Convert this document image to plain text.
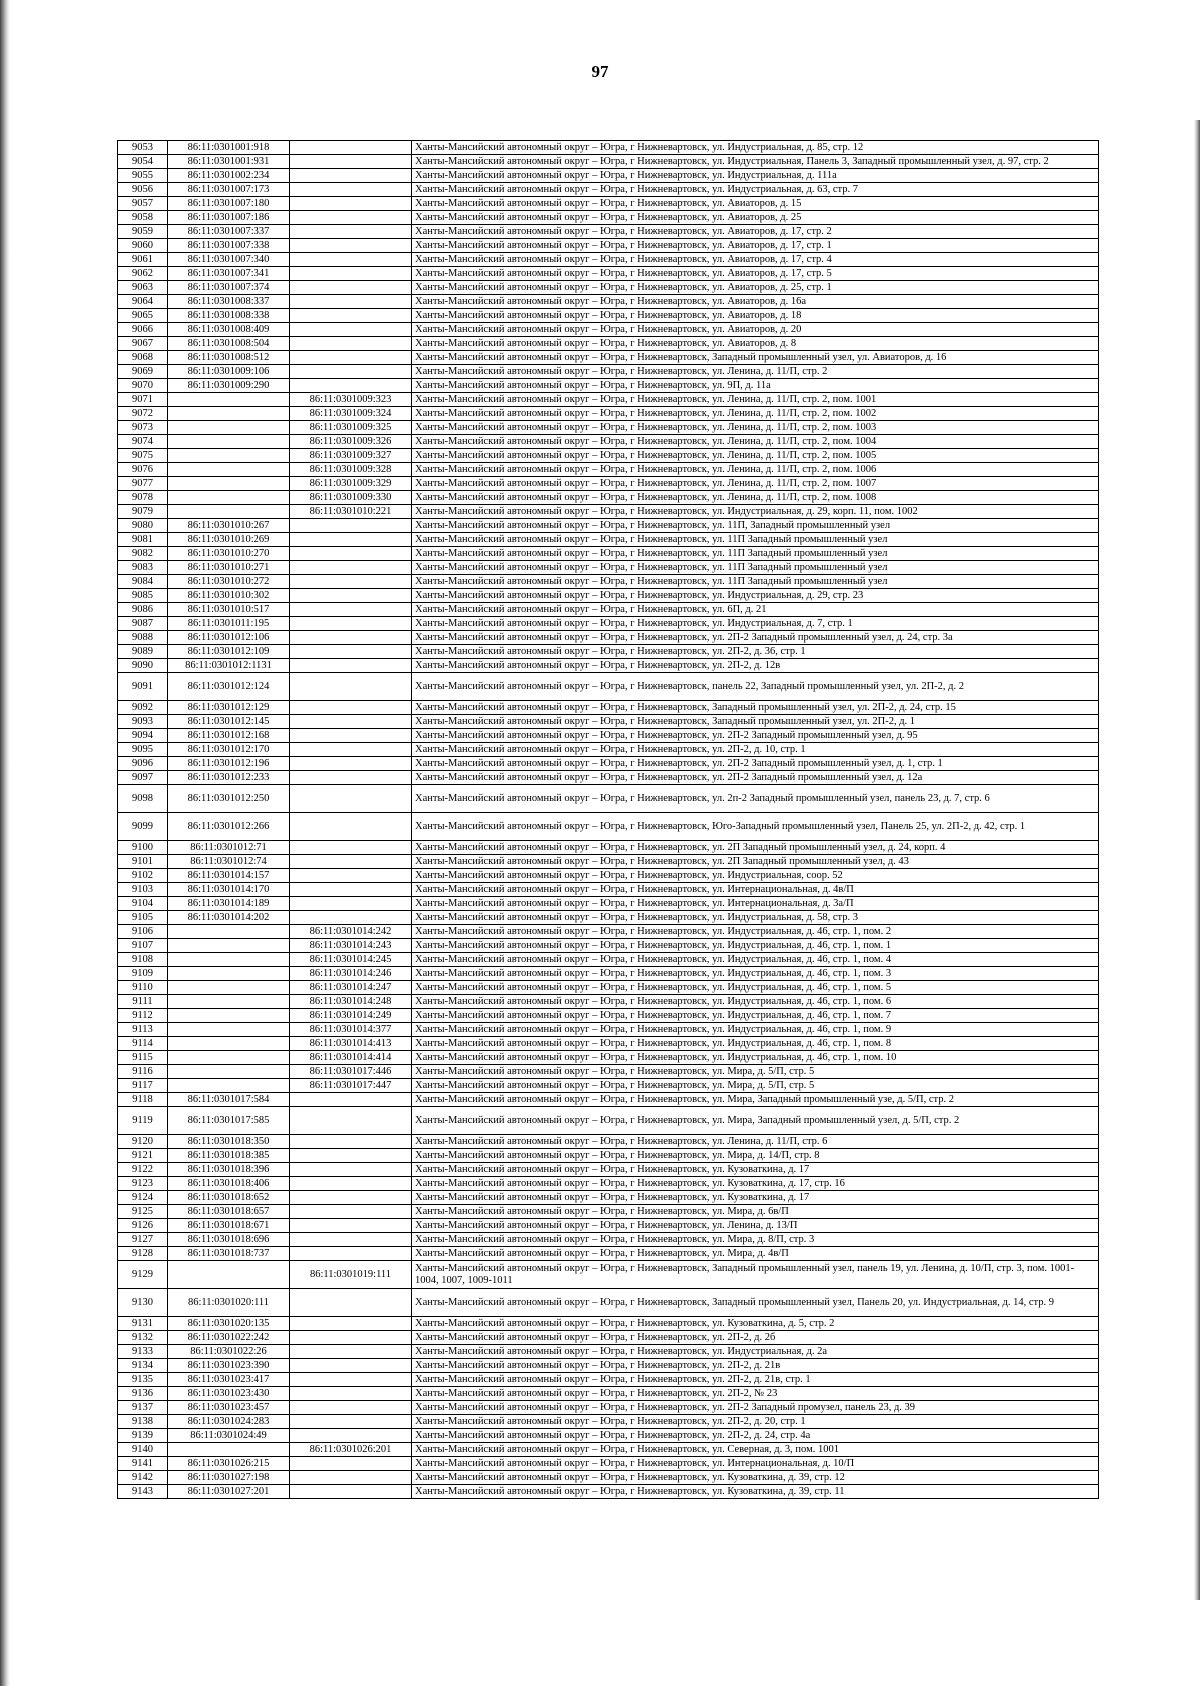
97
9053	86:11:0301001:918		Ханты-Мансийский автономный округ – Югра, г Нижневартовск, ул. Индустриальная, д. 85, стр. 12
9054	86:11:0301001:931		Ханты-Мансийский автономный округ – Югра, г Нижневартовск, ул. Индустриальная, Панель 3, Западный промышленный узел, д. 97, стр. 2
9055	86:11:0301002:234		Ханты-Мансийский автономный округ – Югра, г Нижневартовск, ул. Индустриальная, д. 111а
9056	86:11:0301007:173		Ханты-Мансийский автономный округ – Югра, г Нижневартовск, ул. Индустриальная, д. 63, стр. 7
9057	86:11:0301007:180		Ханты-Мансийский автономный округ – Югра, г Нижневартовск, ул. Авиаторов, д. 15
9058	86:11:0301007:186		Ханты-Мансийский автономный округ – Югра, г Нижневартовск, ул. Авиаторов, д. 25
9059	86:11:0301007:337		Ханты-Мансийский автономный округ – Югра, г Нижневартовск, ул. Авиаторов, д. 17, стр. 2
9060	86:11:0301007:338		Ханты-Мансийский автономный округ – Югра, г Нижневартовск, ул. Авиаторов, д. 17, стр. 1
9061	86:11:0301007:340		Ханты-Мансийский автономный округ – Югра, г Нижневартовск, ул. Авиаторов, д. 17, стр. 4
9062	86:11:0301007:341		Ханты-Мансийский автономный округ – Югра, г Нижневартовск, ул. Авиаторов, д. 17, стр. 5
9063	86:11:0301007:374		Ханты-Мансийский автономный округ – Югра, г Нижневартовск, ул. Авиаторов, д. 25, стр. 1
9064	86:11:0301008:337		Ханты-Мансийский автономный округ – Югра, г Нижневартовск, ул. Авиаторов, д. 16а
9065	86:11:0301008:338		Ханты-Мансийский автономный округ – Югра, г Нижневартовск, ул. Авиаторов, д. 18
9066	86:11:0301008:409		Ханты-Мансийский автономный округ – Югра, г Нижневартовск, ул. Авиаторов, д. 20
9067	86:11:0301008:504		Ханты-Мансийский автономный округ – Югра, г Нижневартовск, ул. Авиаторов, д. 8
9068	86:11:0301008:512		Ханты-Мансийский автономный округ – Югра, г Нижневартовск, Западный промышленный узел, ул. Авиаторов, д. 16
9069	86:11:0301009:106		Ханты-Мансийский автономный округ – Югра, г Нижневартовск, ул. Ленина, д. 11/П, стр. 2
9070	86:11:0301009:290		Ханты-Мансийский автономный округ – Югра, г Нижневартовск, ул. 9П, д. 11а
9071		86:11:0301009:323	Ханты-Мансийский автономный округ – Югра, г Нижневартовск, ул. Ленина, д. 11/П, стр. 2, пом. 1001
9072		86:11:0301009:324	Ханты-Мансийский автономный округ – Югра, г Нижневартовск, ул. Ленина, д. 11/П, стр. 2, пом. 1002
9073		86:11:0301009:325	Ханты-Мансийский автономный округ – Югра, г Нижневартовск, ул. Ленина, д. 11/П, стр. 2, пом. 1003
9074		86:11:0301009:326	Ханты-Мансийский автономный округ – Югра, г Нижневартовск, ул. Ленина, д. 11/П, стр. 2, пом. 1004
9075		86:11:0301009:327	Ханты-Мансийский автономный округ – Югра, г Нижневартовск, ул. Ленина, д. 11/П, стр. 2, пом. 1005
9076		86:11:0301009:328	Ханты-Мансийский автономный округ – Югра, г Нижневартовск, ул. Ленина, д. 11/П, стр. 2, пом. 1006
9077		86:11:0301009:329	Ханты-Мансийский автономный округ – Югра, г Нижневартовск, ул. Ленина, д. 11/П, стр. 2, пом. 1007
9078		86:11:0301009:330	Ханты-Мансийский автономный округ – Югра, г Нижневартовск, ул. Ленина, д. 11/П, стр. 2, пом. 1008
9079		86:11:0301010:221	Ханты-Мансийский автономный округ – Югра, г Нижневартовск, ул. Индустриальная, д. 29, корп. 11, пом. 1002
9080	86:11:0301010:267		Ханты-Мансийский автономный округ – Югра, г Нижневартовск, ул. 11П, Западный промышленный узел
9081	86:11:0301010:269		Ханты-Мансийский автономный округ – Югра, г Нижневартовск, ул. 11П Западный промышленный узел
9082	86:11:0301010:270		Ханты-Мансийский автономный округ – Югра, г Нижневартовск, ул. 11П Западный промышленный узел
9083	86:11:0301010:271		Ханты-Мансийский автономный округ – Югра, г Нижневартовск, ул. 11П Западный промышленный узел
9084	86:11:0301010:272		Ханты-Мансийский автономный округ – Югра, г Нижневартовск, ул. 11П Западный промышленный узел
9085	86:11:0301010:302		Ханты-Мансийский автономный округ – Югра, г Нижневартовск, ул. Индустриальная, д. 29, стр. 23
9086	86:11:0301010:517		Ханты-Мансийский автономный округ – Югра, г Нижневартовск, ул. 6П, д. 21
9087	86:11:0301011:195		Ханты-Мансийский автономный округ – Югра, г Нижневартовск, ул. Индустриальная, д. 7, стр. 1
9088	86:11:0301012:106		Ханты-Мансийский автономный округ – Югра, г Нижневартовск, ул. 2П-2 Западный промышленный узел, д. 24, стр. 3а
9089	86:11:0301012:109		Ханты-Мансийский автономный округ – Югра, г Нижневартовск, ул. 2П-2, д. 36, стр. 1
9090	86:11:0301012:1131		Ханты-Мансийский автономный округ – Югра, г Нижневартовск, ул. 2П-2, д. 12в
9091	86:11:0301012:124		Ханты-Мансийский автономный округ – Югра, г Нижневартовск, панель 22, Западный промышленный узел, ул. 2П-2, д. 2
9092	86:11:0301012:129		Ханты-Мансийский автономный округ – Югра, г Нижневартовск, Западный промышленный узел, ул. 2П-2, д. 24, стр. 15
9093	86:11:0301012:145		Ханты-Мансийский автономный округ – Югра, г Нижневартовск, Западный промышленный узел, ул. 2П-2, д. 1
9094	86:11:0301012:168		Ханты-Мансийский автономный округ – Югра, г Нижневартовск, ул. 2П-2 Западный промышленный узел, д. 95
9095	86:11:0301012:170		Ханты-Мансийский автономный округ – Югра, г Нижневартовск, ул. 2П-2, д. 10, стр. 1
9096	86:11:0301012:196		Ханты-Мансийский автономный округ – Югра, г Нижневартовск, ул. 2П-2 Западный промышленный узел, д. 1, стр. 1
9097	86:11:0301012:233		Ханты-Мансийский автономный округ – Югра, г Нижневартовск, ул. 2П-2 Западный промышленный узел, д. 12а
9098	86:11:0301012:250		Ханты-Мансийский автономный округ – Югра, г Нижневартовск, ул. 2п-2 Западный промышленный узел, панель 23, д. 7, стр. 6
9099	86:11:0301012:266		Ханты-Мансийский автономный округ – Югра, г Нижневартовск, Юго-Западный промышленный узел, Панель 25, ул. 2П-2, д. 42, стр. 1
9100	86:11:0301012:71		Ханты-Мансийский автономный округ – Югра, г Нижневартовск, ул. 2П Западный промышленный узел, д. 24, корп. 4
9101	86:11:0301012:74		Ханты-Мансийский автономный округ – Югра, г Нижневартовск, ул. 2П Западный промышленный узел, д. 43
9102	86:11:0301014:157		Ханты-Мансийский автономный округ – Югра, г Нижневартовск, ул. Индустриальная, соор. 52
9103	86:11:0301014:170		Ханты-Мансийский автономный округ – Югра, г Нижневартовск, ул. Интернациональная, д. 4в/П
9104	86:11:0301014:189		Ханты-Мансийский автономный округ – Югра, г Нижневартовск, ул. Интернациональная, д. 3а/П
9105	86:11:0301014:202		Ханты-Мансийский автономный округ – Югра, г Нижневартовск, ул. Индустриальная, д. 58, стр. 3
9106		86:11:0301014:242	Ханты-Мансийский автономный округ – Югра, г Нижневартовск, ул. Индустриальная, д. 46, стр. 1, пом. 2
9107		86:11:0301014:243	Ханты-Мансийский автономный округ – Югра, г Нижневартовск, ул. Индустриальная, д. 46, стр. 1, пом. 1
9108		86:11:0301014:245	Ханты-Мансийский автономный округ – Югра, г Нижневартовск, ул. Индустриальная, д. 46, стр. 1, пом. 4
9109		86:11:0301014:246	Ханты-Мансийский автономный округ – Югра, г Нижневартовск, ул. Индустриальная, д. 46, стр. 1, пом. 3
9110		86:11:0301014:247	Ханты-Мансийский автономный округ – Югра, г Нижневартовск, ул. Индустриальная, д. 46, стр. 1, пом. 5
9111		86:11:0301014:248	Ханты-Мансийский автономный округ – Югра, г Нижневартовск, ул. Индустриальная, д. 46, стр. 1, пом. 6
9112		86:11:0301014:249	Ханты-Мансийский автономный округ – Югра, г Нижневартовск, ул. Индустриальная, д. 46, стр. 1, пом. 7
9113		86:11:0301014:377	Ханты-Мансийский автономный округ – Югра, г Нижневартовск, ул. Индустриальная, д. 46, стр. 1, пом. 9
9114		86:11:0301014:413	Ханты-Мансийский автономный округ – Югра, г Нижневартовск, ул. Индустриальная, д. 46, стр. 1, пом. 8
9115		86:11:0301014:414	Ханты-Мансийский автономный округ – Югра, г Нижневартовск, ул. Индустриальная, д. 46, стр. 1, пом. 10
9116		86:11:0301017:446	Ханты-Мансийский автономный округ – Югра, г Нижневартовск, ул. Мира, д. 5/П, стр. 5
9117		86:11:0301017:447	Ханты-Мансийский автономный округ – Югра, г Нижневартовск, ул. Мира, д. 5/П, стр. 5
9118	86:11:0301017:584		Ханты-Мансийский автономный округ – Югра, г Нижневартовск, ул. Мира, Западный промышленный узе, д. 5/П, стр. 2
9119	86:11:0301017:585		Ханты-Мансийский автономный округ – Югра, г Нижневартовск, ул. Мира, Западный промышленный узел, д. 5/П, стр. 2
9120	86:11:0301018:350		Ханты-Мансийский автономный округ – Югра, г Нижневартовск, ул. Ленина, д. 11/П, стр. 6
9121	86:11:0301018:385		Ханты-Мансийский автономный округ – Югра, г Нижневартовск, ул. Мира, д. 14/П, стр. 8
9122	86:11:0301018:396		Ханты-Мансийский автономный округ – Югра, г Нижневартовск, ул. Кузоваткина, д. 17
9123	86:11:0301018:406		Ханты-Мансийский автономный округ – Югра, г Нижневартовск, ул. Кузоваткина, д. 17, стр. 16
9124	86:11:0301018:652		Ханты-Мансийский автономный округ – Югра, г Нижневартовск, ул. Кузоваткина, д. 17
9125	86:11:0301018:657		Ханты-Мансийский автономный округ – Югра, г Нижневартовск, ул. Мира, д. 6в/П
9126	86:11:0301018:671		Ханты-Мансийский автономный округ – Югра, г Нижневартовск, ул. Ленина, д. 13/П
9127	86:11:0301018:696		Ханты-Мансийский автономный округ – Югра, г Нижневартовск, ул. Мира, д. 8/П, стр. 3
9128	86:11:0301018:737		Ханты-Мансийский автономный округ – Югра, г Нижневартовск, ул. Мира, д. 4в/П
9129		86:11:0301019:111	Ханты-Мансийский автономный округ – Югра, г Нижневартовск, Западный промышленный узел, панель 19, ул. Ленина, д. 10/П, стр. 3, пом. 1001-1004, 1007, 1009-1011
9130	86:11:0301020:111		Ханты-Мансийский автономный округ – Югра, г Нижневартовск, Западный промышленный узел, Панель 20, ул. Индустриальная, д. 14, стр. 9
9131	86:11:0301020:135		Ханты-Мансийский автономный округ – Югра, г Нижневартовск, ул. Кузоваткина, д. 5, стр. 2
9132	86:11:0301022:242		Ханты-Мансийский автономный округ – Югра, г Нижневартовск, ул. 2П-2, д. 2б
9133	86:11:0301022:26		Ханты-Мансийский автономный округ – Югра, г Нижневартовск, ул. Индустриальная, д. 2а
9134	86:11:0301023:390		Ханты-Мансийский автономный округ – Югра, г Нижневартовск, ул. 2П-2, д. 21в
9135	86:11:0301023:417		Ханты-Мансийский автономный округ – Югра, г Нижневартовск, ул. 2П-2, д. 21в, стр. 1
9136	86:11:0301023:430		Ханты-Мансийский автономный округ – Югра, г Нижневартовск, ул. 2П-2, № 23
9137	86:11:0301023:457		Ханты-Мансийский автономный округ – Югра, г Нижневартовск, ул. 2П-2 Западный промузел, панель 23, д. 39
9138	86:11:0301024:283		Ханты-Мансийский автономный округ – Югра, г Нижневартовск, ул. 2П-2, д. 20, стр. 1
9139	86:11:0301024:49		Ханты-Мансийский автономный округ – Югра, г Нижневартовск, ул. 2П-2, д. 24, стр. 4а
9140		86:11:0301026:201	Ханты-Мансийский автономный округ – Югра, г Нижневартовск, ул. Северная, д. 3, пом. 1001
9141	86:11:0301026:215		Ханты-Мансийский автономный округ – Югра, г Нижневартовск, ул. Интернациональная, д. 10/П
9142	86:11:0301027:198		Ханты-Мансийский автономный округ – Югра, г Нижневартовск, ул. Кузоваткина, д. 39, стр. 12
9143	86:11:0301027:201		Ханты-Мансийский автономный округ – Югра, г Нижневартовск, ул. Кузоваткина, д. 39, стр. 11
